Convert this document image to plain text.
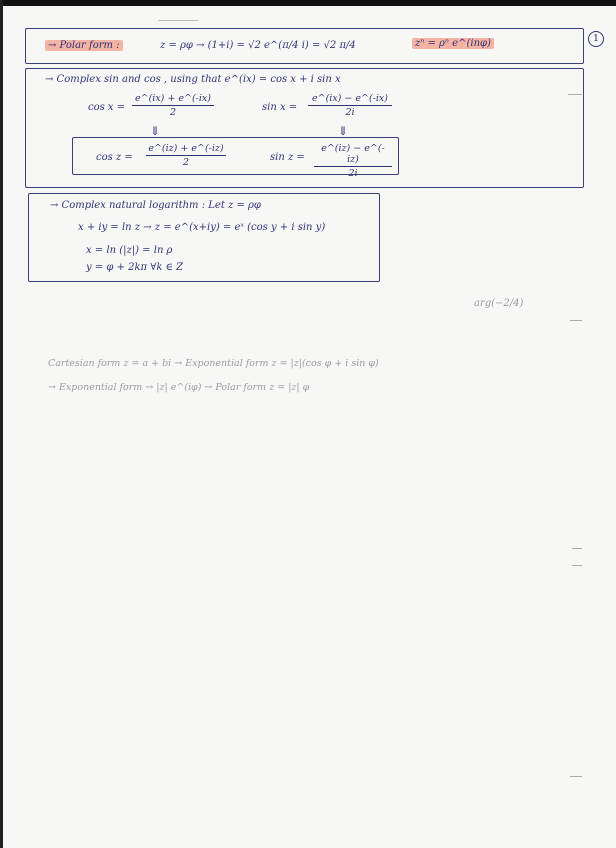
1
→ Polar form :	z = ρ​φ → (1+i) = √2 e^(π/4 i) = √2 π/4	zⁿ = ρⁿ e^(inφ)
→ Complex sin and cos , using that e^(ix) = cos x + i sin x
$\cos x = \frac{e\^{}(ix) + e\^{}(-ix)}{2}$	$\sin x = \frac{e\^{}(ix) - e\^{}(-ix)}{2i}$
⇓	⇓
$\cos z = \frac{e\^{}(iz) + e\^{}(-iz)}{2}$	$\sin z = \frac{e\^{}(iz) - e\^{}(-iz)}{2i}$
→ Complex natural logarithm : Let z = ρφ
x + iy = ln z → z = e^(x+iy) = eˣ (cos y + i sin y)
x = ln (|z|) = ln ρ
y = φ + 2kπ ∀k ∈ Z
arg(−2/4)
Cartesian form z = a + bi → Exponential form z = |z|(cos φ + i sin φ)
→ Exponential form → |z| e^(iφ) → Polar form z = |z| φ
